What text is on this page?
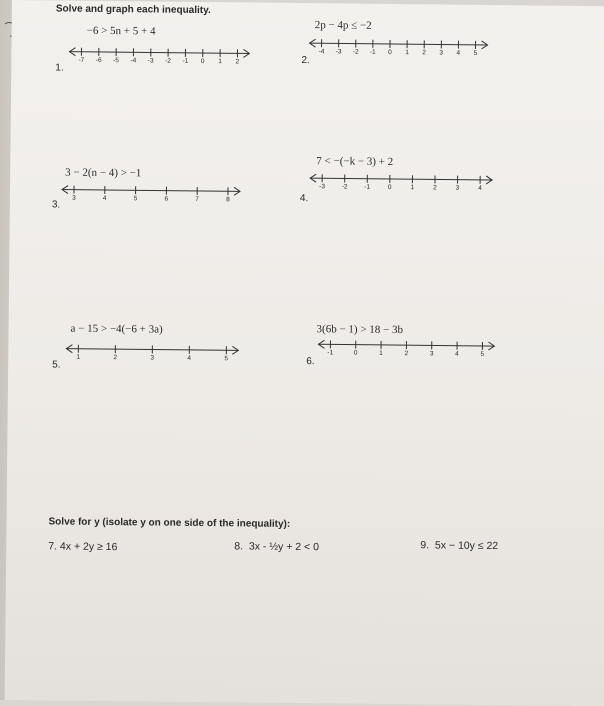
Solve and graph each inequality.
−6 > 5n + 5 + 4
1.
-7 -6 -5 -4 -3 -2 -1 0 1 2
2p − 4p ≤ −2
2.
-4 -3 -2 -1 0 1 2 3 4 5
3 − 2(n − 4) > −1
3.
3	4	5	6	7	8
7 < −(−k − 3) + 2
4.
-3	-2	-1	0	1	2	3	4
a − 15 > −4(−6 + 3a)
5.
1	2	3	4	5
3(6b − 1) > 18 − 3b
6.
-1	0	1	2	3	4	5
Solve for y (isolate y on one side of the inequality):
7. 4x + 2y ≥ 16	8. 3x - ½y + 2 < 0	9. 5x − 10y ≤ 22
